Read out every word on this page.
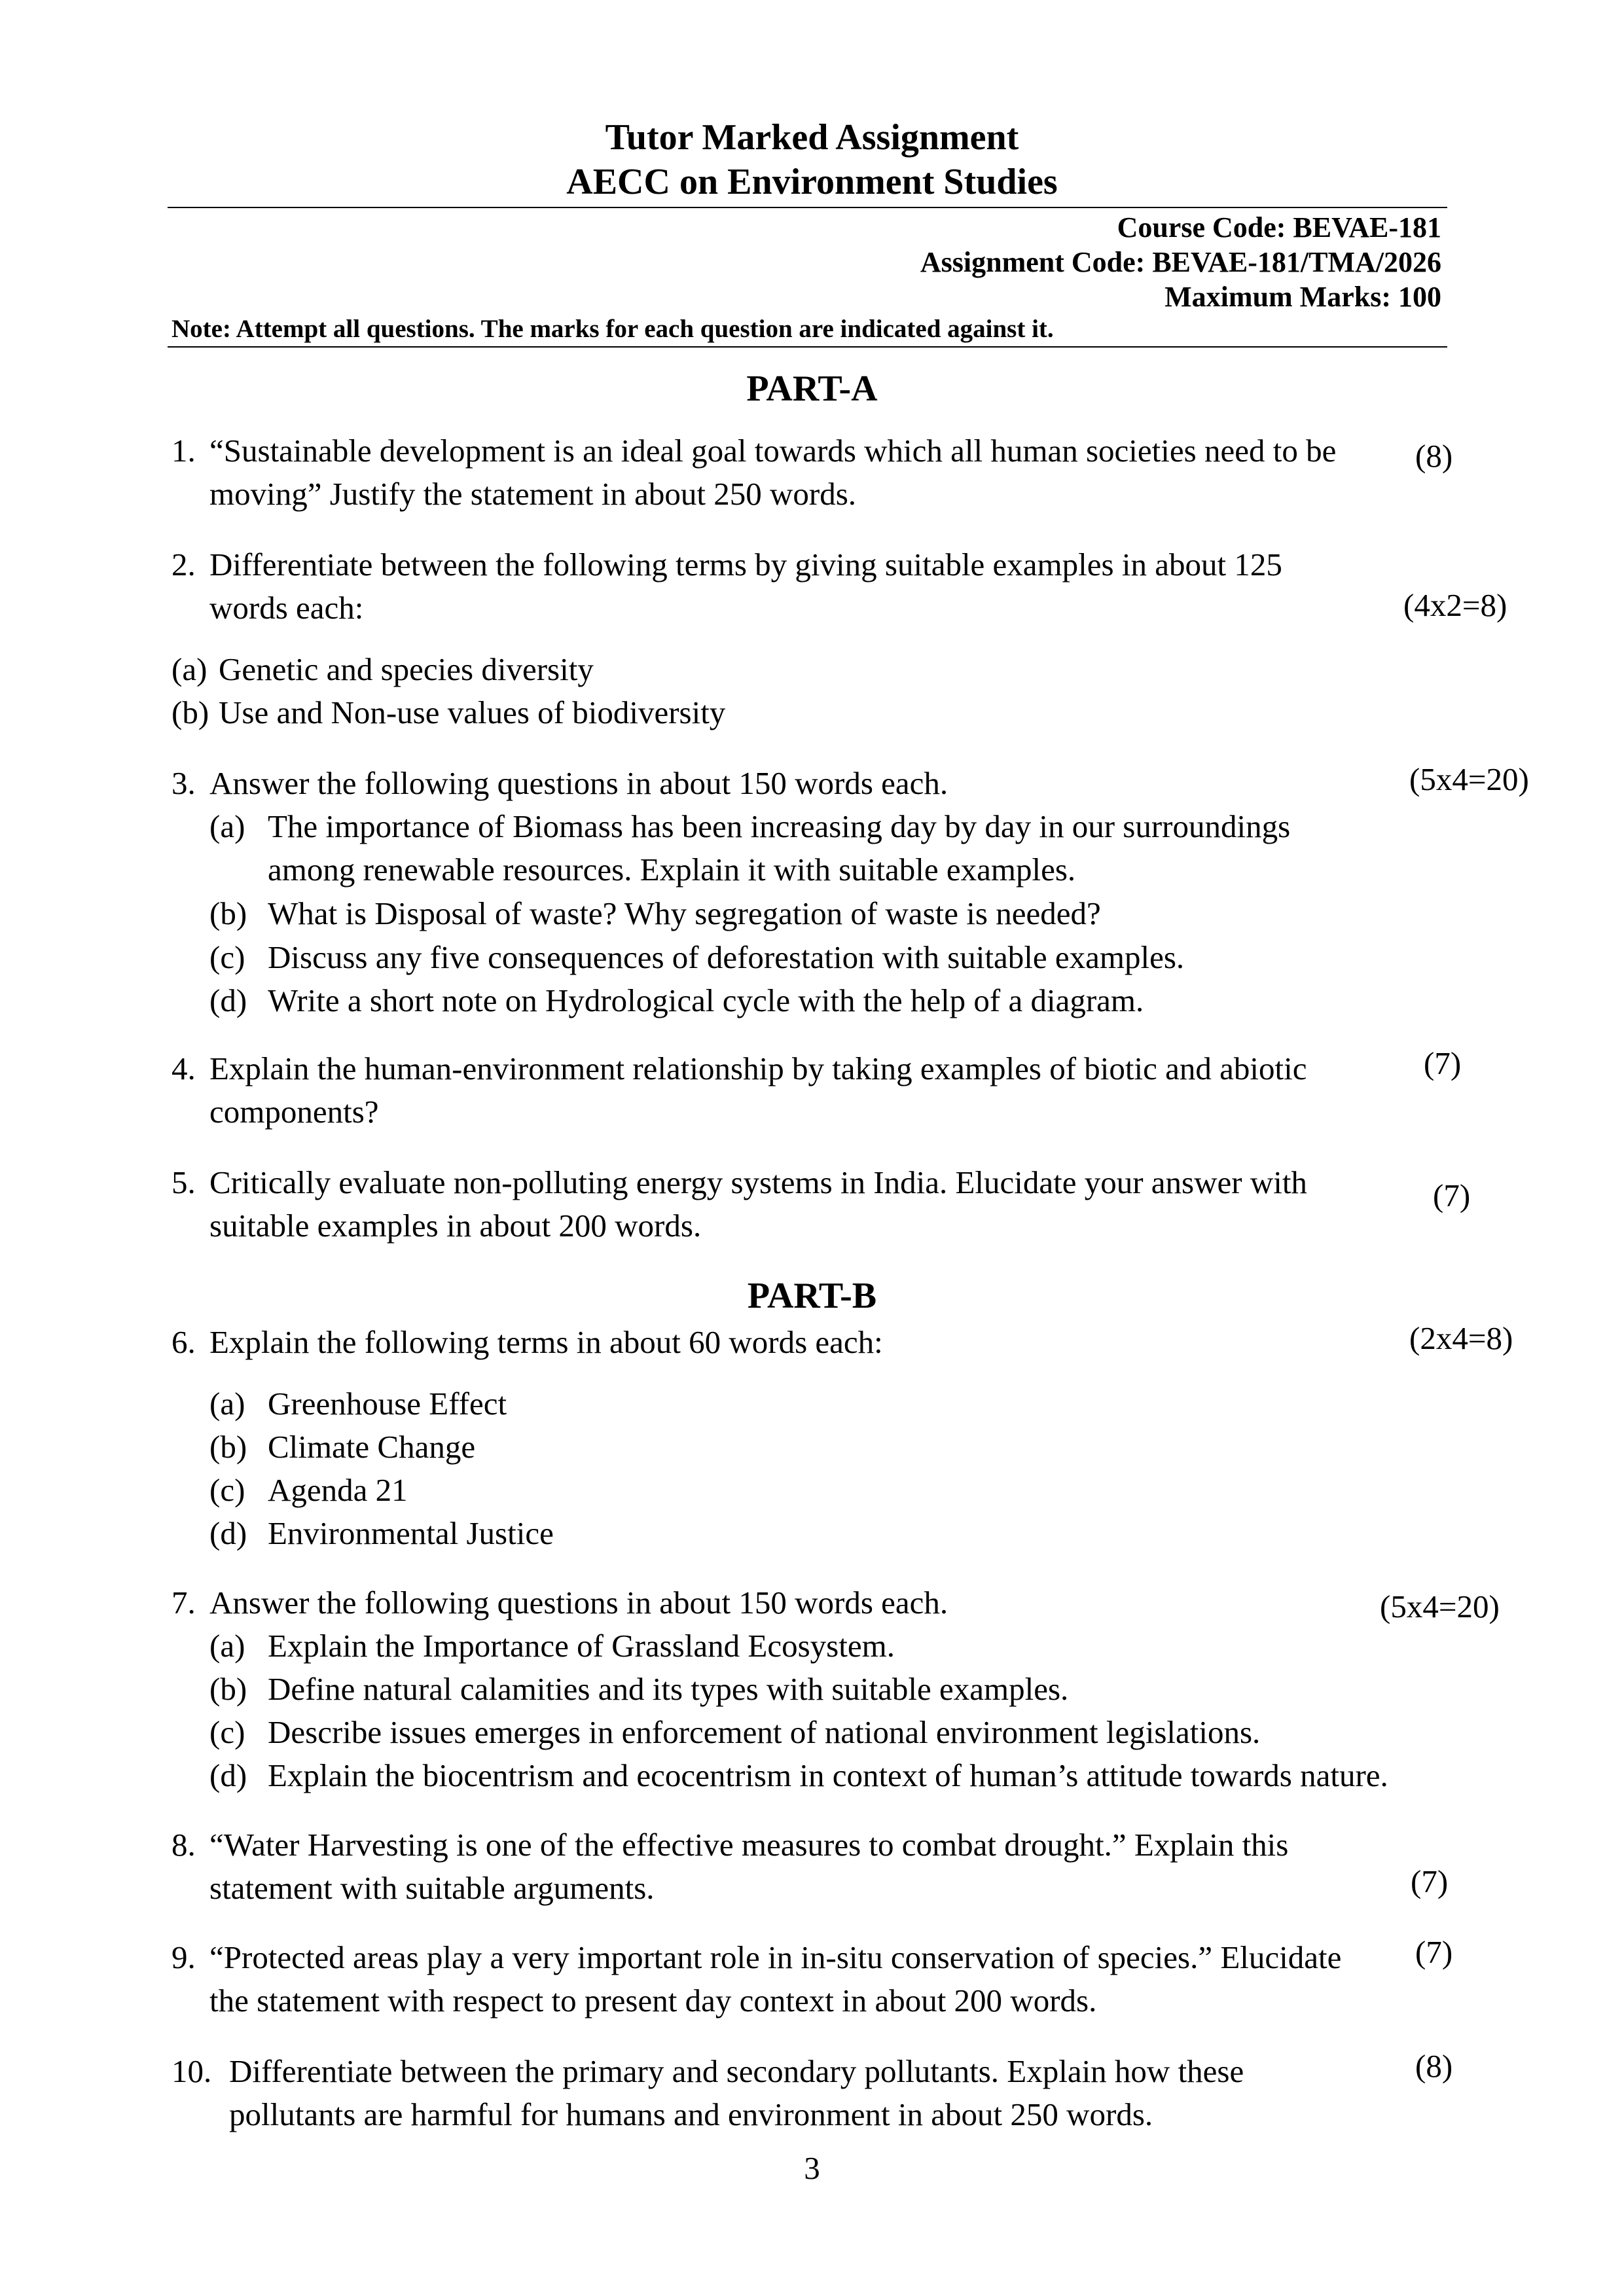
Tutor Marked Assignment
AECC on Environment Studies
Course Code: BEVAE-181
Assignment Code: BEVAE-181/TMA/2026
Maximum Marks: 100
Note: Attempt all questions. The marks for each question are indicated against it.
PART-A
1. “Sustainable development is an ideal goal towards which all human societies need to be
moving” Justify the statement in about 250 words.
(8)
2. Differentiate between the following terms by giving suitable examples in about 125
words each:	(4x2=8)
(a) Genetic and species diversity
(b) Use and Non-use values of biodiversity
3. Answer the following questions in about 150 words each.	(5x4=20)
(a) The importance of Biomass has been increasing day by day in our surroundings
among renewable resources. Explain it with suitable examples.
(b) What is Disposal of waste? Why segregation of waste is needed?
(c) Discuss any five consequences of deforestation with suitable examples.
(d) Write a short note on Hydrological cycle with the help of a diagram.
4. Explain the human-environment relationship by taking examples of biotic and abiotic
components?
(7)
5. Critically evaluate non-polluting energy systems in India. Elucidate your answer with
suitable examples in about 200 words.
(7)
PART-B
6. Explain the following terms in about 60 words each:	(2x4=8)
(a) Greenhouse Effect
(b) Climate Change
(c) Agenda 21
(d) Environmental Justice
7. Answer the following questions in about 150 words each.	(5x4=20)
(a) Explain the Importance of Grassland Ecosystem.
(b) Define natural calamities and its types with suitable examples.
(c) Describe issues emerges in enforcement of national environment legislations.
(d) Explain the biocentrism and ecocentrism in context of human’s attitude towards nature.
8. “Water Harvesting is one of the effective measures to combat drought.” Explain this
statement with suitable arguments.	(7)
9. “Protected areas play a very important role in in-situ conservation of species.” Elucidate
the statement with respect to present day context in about 200 words.
(7)
10. Differentiate between the primary and secondary pollutants. Explain how these
pollutants are harmful for humans and environment in about 250 words.
(8)
3
